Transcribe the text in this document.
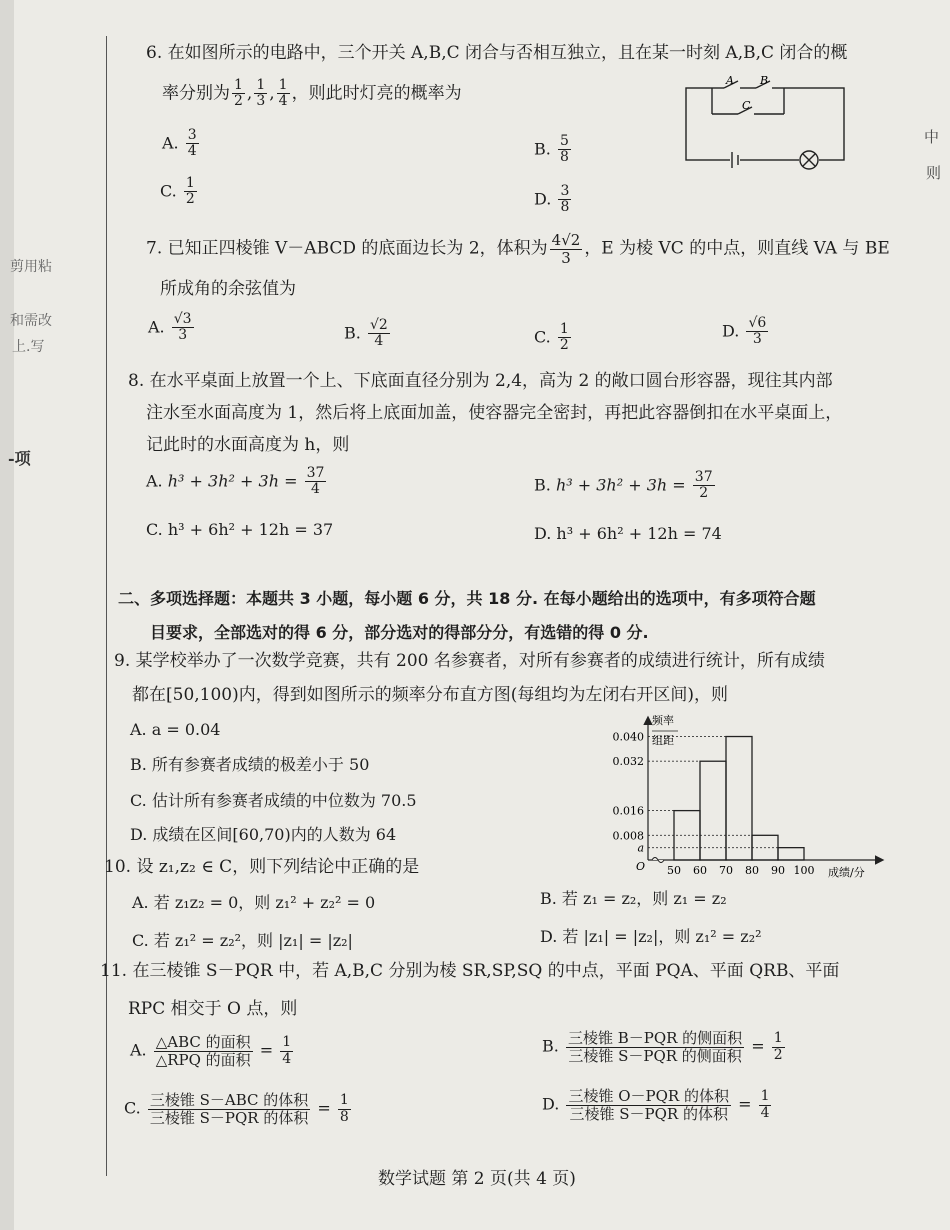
剪用粘
和需改
上.写
-项
中
则
6. 在如图所示的电路中，三个开关 A,B,C 闭合与否相互独立，且在某一时刻 A,B,C 闭合的概
率分别为 $\frac{1}{2}$ , $\frac{1}{3}$ , $\frac{1}{4}$ ，则此时灯亮的概率为
A. $\frac{3}{4}$	B. $\frac{5}{8}$
C. $\frac{1}{2}$	D. $\frac{3}{8}$
A B
C
7. 已知正四棱锥 V－ABCD 的底面边长为 2，体积为 $\frac{4√2}{3}$ ，E 为棱 VC 的中点，则直线 VA 与 BE
所成角的余弦值为
A. $\frac{√3}{3}$	B. $\frac{√2}{4}$	C. $\frac{1}{2}$	D. $\frac{√6}{3}$
8. 在水平桌面上放置一个上、下底面直径分别为 2,4，高为 2 的敞口圆台形容器，现往其内部
注水至水面高度为 1，然后将上底面加盖，使容器完全密封，再把此容器倒扣在水平桌面上，
记此时的水面高度为 h，则
A. $h^3 + 3h^2 + 3h = \frac{37}{4}$	B. $h^3 + 3h^2 + 3h = \frac{37}{2}$
C. h³ + 6h² + 12h = 37	D. h³ + 6h² + 12h = 74
二、多项选择题：本题共 3 小题，每小题 6 分，共 18 分. 在每小题给出的选项中，有多项符合题
目要求，全部选对的得 6 分，部分选对的得部分分，有选错的得 0 分.
9. 某学校举办了一次数学竞赛，共有 200 名参赛者，对所有参赛者的成绩进行统计，所有成绩
都在[50,100)内，得到如图所示的频率分布直方图(每组均为左闭右开区间)，则
A. a = 0.04
B. 所有参赛者成绩的极差小于 50
C. 估计所有参赛者成绩的中位数为 70.5
D. 成绩在区间[60,70)内的人数为 64
0.040
0.032
0.016
0.008
a
50 60 70 80 90 100
频率
组距
O	成绩/分
10. 设 z₁,z₂ ∈ C，则下列结论中正确的是
A. 若 z₁z₂ = 0，则 z₁² + z₂² = 0	B. 若 z₁ = z₂，则 z₁ = z₂
C. 若 z₁² = z₂²，则 |z₁| = |z₂|	D. 若 |z₁| = |z₂|，则 z₁² = z₂²
11. 在三棱锥 S－PQR 中，若 A,B,C 分别为棱 SR,SP,SQ 的中点，平面 PQA、平面 QRB、平面
RPC 相交于 O 点，则
A. $\frac{\text{△ABC 的面积}}{\text{△RPQ 的面积}} = \frac{1}{4}$	B. $\frac{\text{三棱锥 B－PQR 的侧面积}}{\text{三棱锥 S－PQR 的侧面积}} = \frac{1}{2}$
C. $\frac{\text{三棱锥 S－ABC 的体积}}{\text{三棱锥 S－PQR 的体积}} = \frac{1}{8}$	D. $\frac{\text{三棱锥 O－PQR 的体积}}{\text{三棱锥 S－PQR 的体积}} = \frac{1}{4}$
数学试题 第 2 页(共 4 页)
